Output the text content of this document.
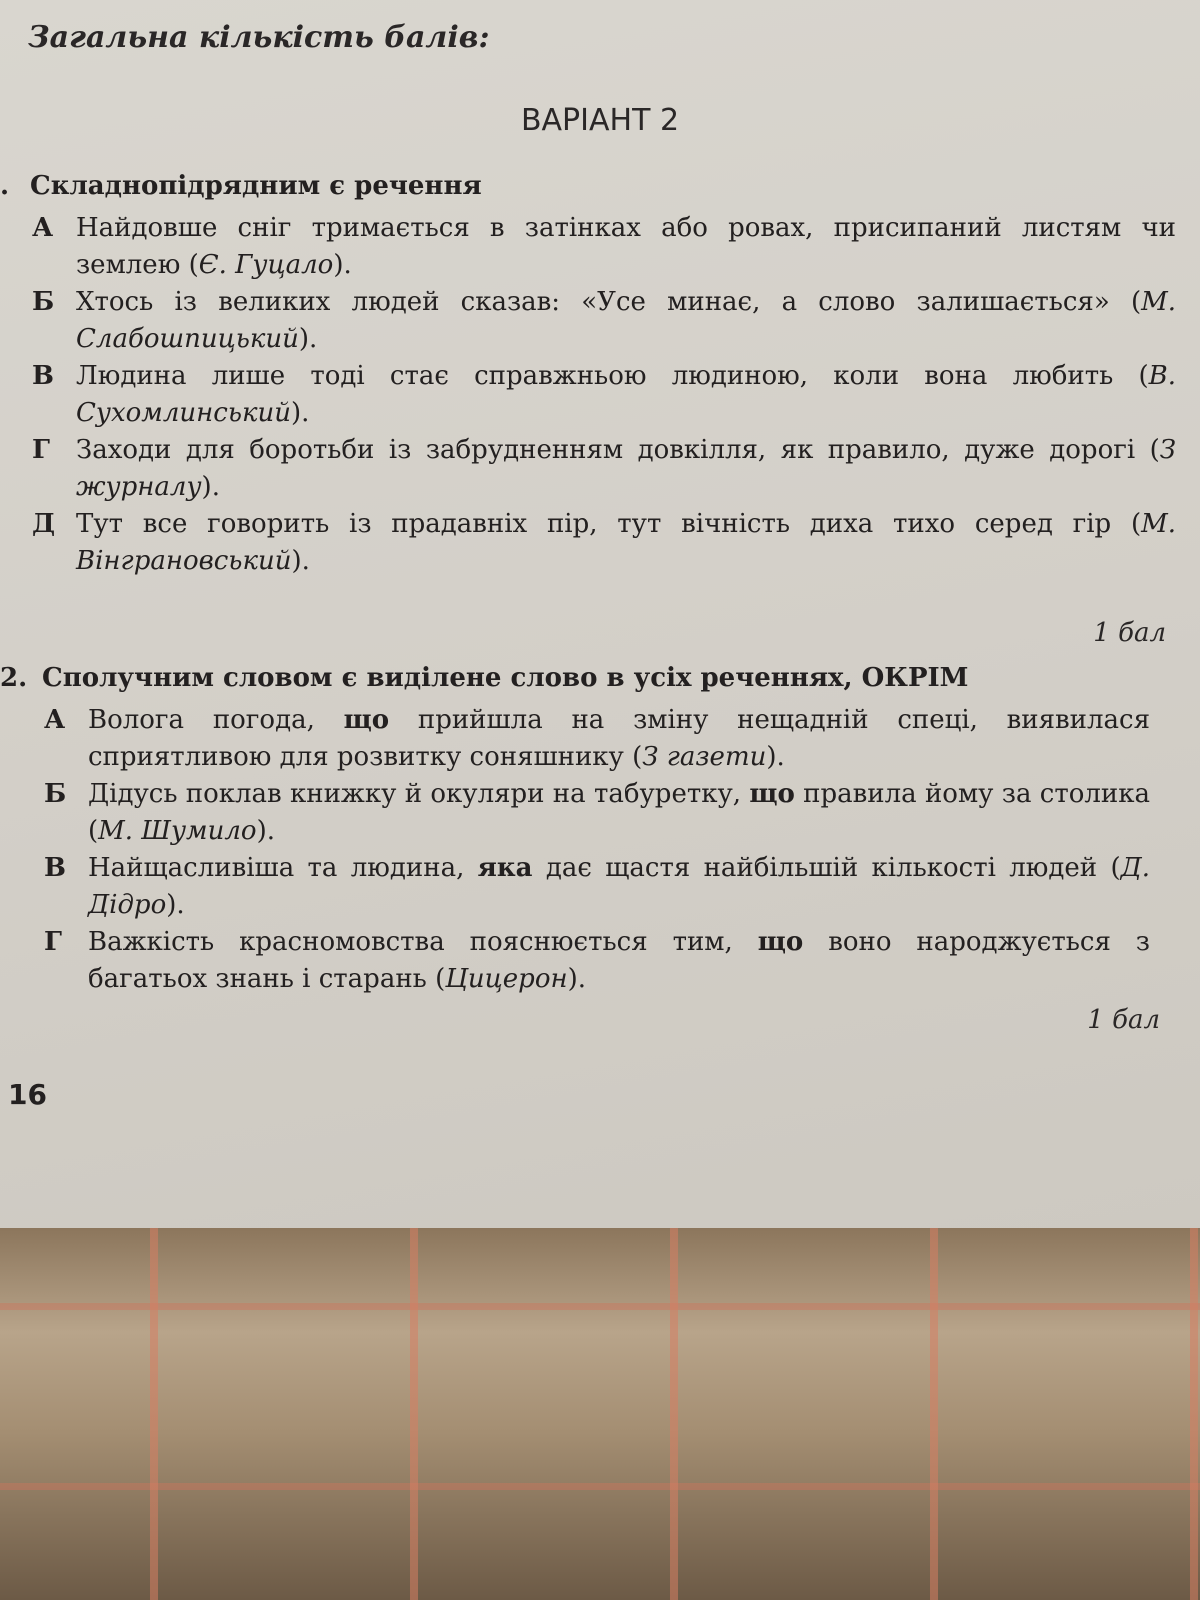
Загальна кількість балів:
ВАРІАНТ 2
. Складнопідрядним є речення
А Найдовше сніг тримається в затінках або ровах, присипаний листям чи землею (Є. Гуцало).
Б Хтось із великих людей сказав: «Усе минає, а слово залишається» (М. Слабошпицький).
В Людина лише тоді стає справжньою людиною, коли вона любить (В. Сухомлинський).
Г	Заходи для боротьби із забрудненням довкілля, як правило, дуже дорогі (З журналу).
Д Тут все говорить із прадавніх пір, тут вічність диха тихо серед гір (М. Вінграновський).
1 бал
2. Сполучним словом є виділене слово в усіх реченнях, ОКРІМ
А Волога погода, що прийшла на зміну нещадній спеці, виявилася сприятливою для розвитку соняшнику (З газети).
Б Дідусь поклав книжку й окуляри на табуретку, що правила йому за столика (М. Шумило).
В Найщасливіша та людина, яка дає щастя найбільшій кількості людей (Д. Дідро).
Г	Важкість красномовства пояснюється тим, що воно народжується з багатьох знань і старань (Цицерон).
1 бал
16
